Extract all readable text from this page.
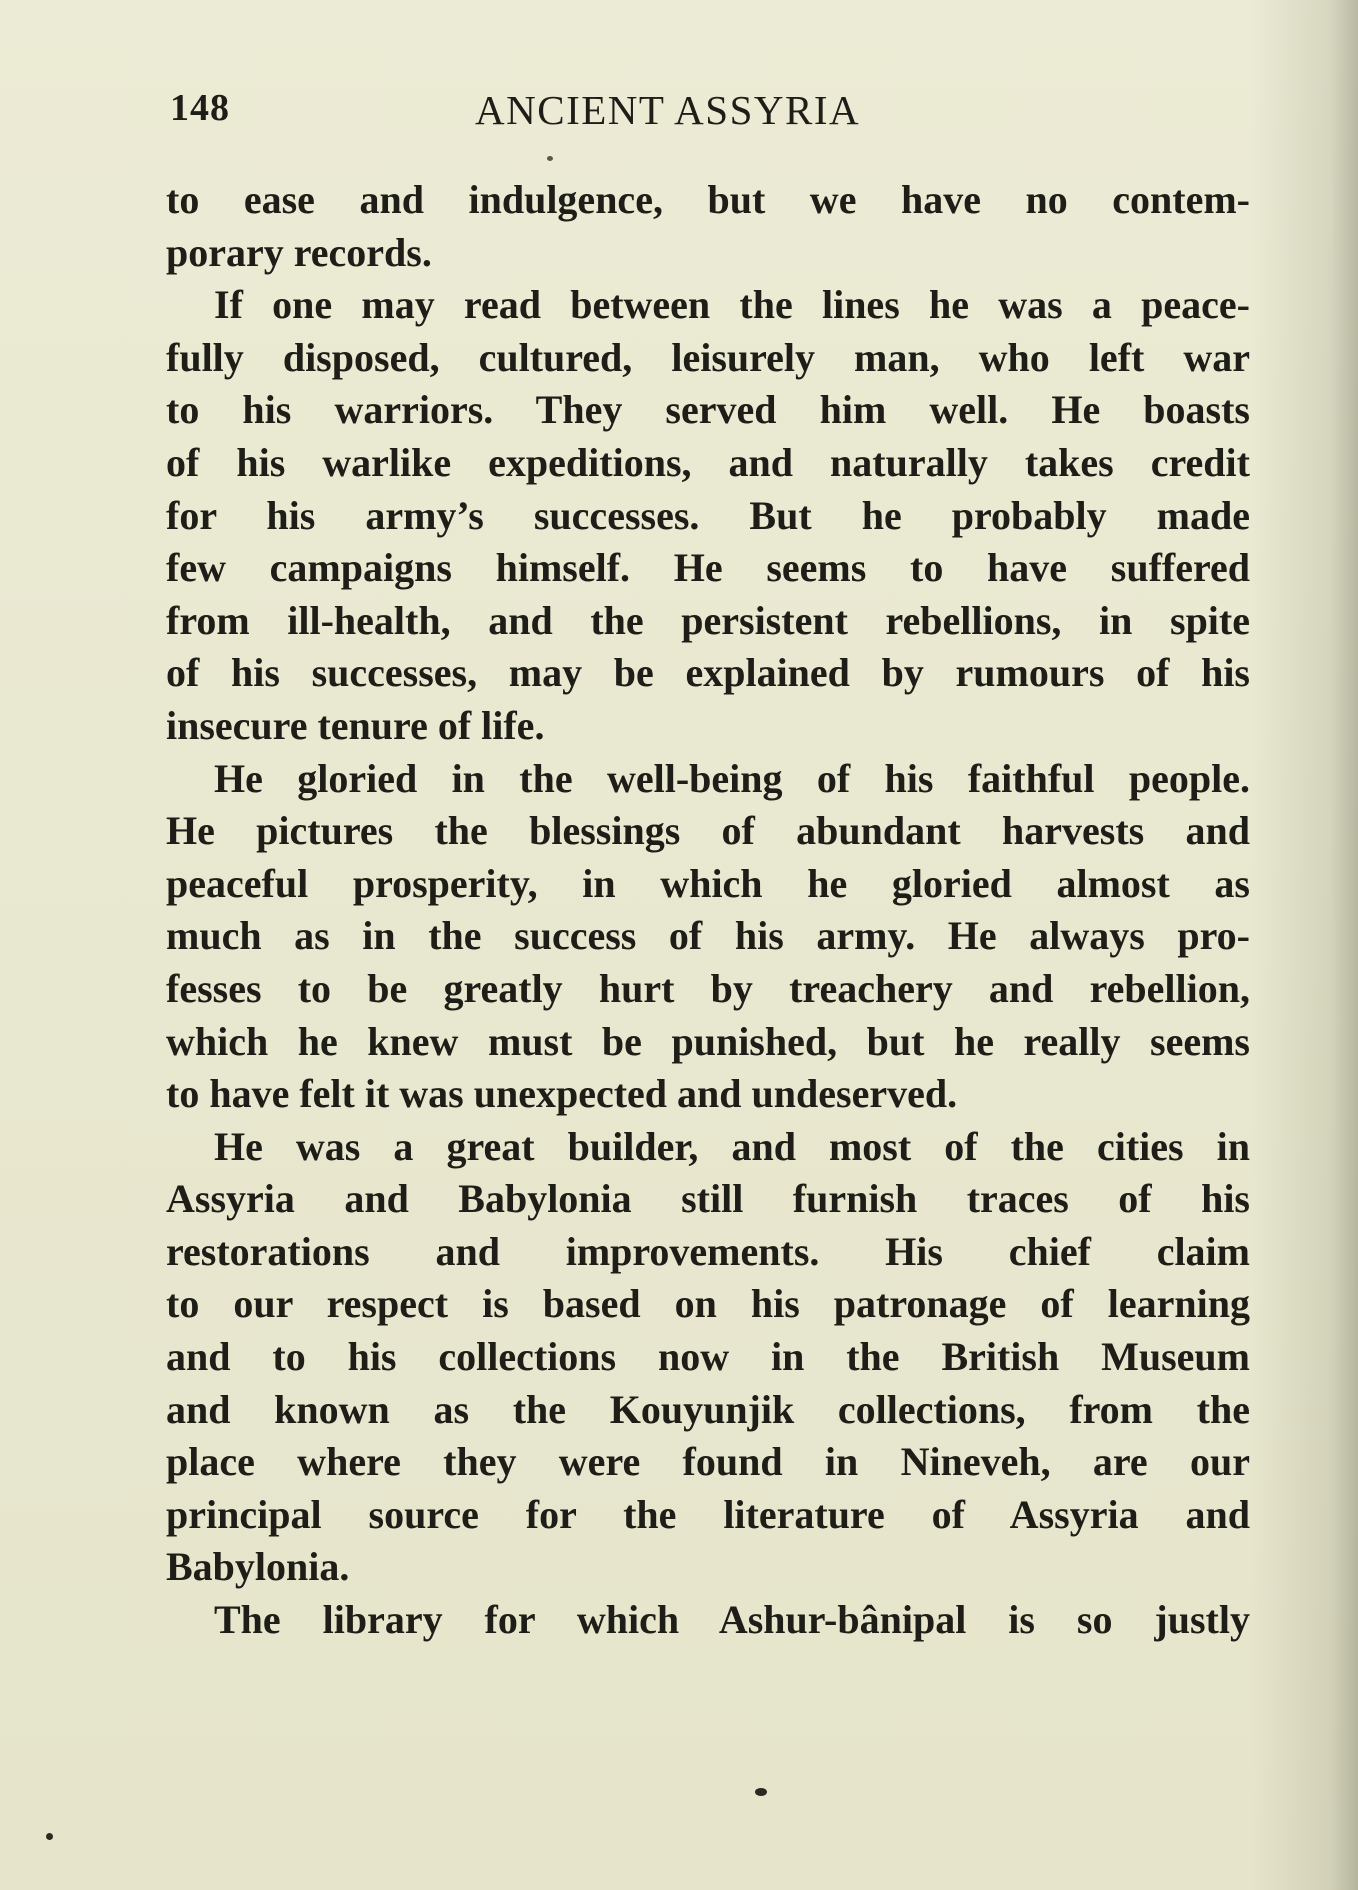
148	ANCIENT ASSYRIA
to ease and indulgence, but we have no contem-
porary records.
If one may read between the lines he was a peace-
fully disposed, cultured, leisurely man, who left war
to his warriors. They served him well. He boasts
of his warlike expeditions, and naturally takes credit
for his army’s successes. But he probably made
few campaigns himself. He seems to have suffered
from ill-health, and the persistent rebellions, in spite
of his successes, may be explained by rumours of his
insecure tenure of life.
He gloried in the well-being of his faithful people.
He pictures the blessings of abundant harvests and
peaceful prosperity, in which he gloried almost as
much as in the success of his army. He always pro-
fesses to be greatly hurt by treachery and rebellion,
which he knew must be punished, but he really seems
to have felt it was unexpected and undeserved.
He was a great builder, and most of the cities in
Assyria and Babylonia still furnish traces of his
restorations and improvements. His chief claim
to our respect is based on his patronage of learning
and to his collections now in the British Museum
and known as the Kouyunjik collections, from the
place where they were found in Nineveh, are our
principal source for the literature of Assyria and
Babylonia.
The library for which Ashur-bânipal is so justly
